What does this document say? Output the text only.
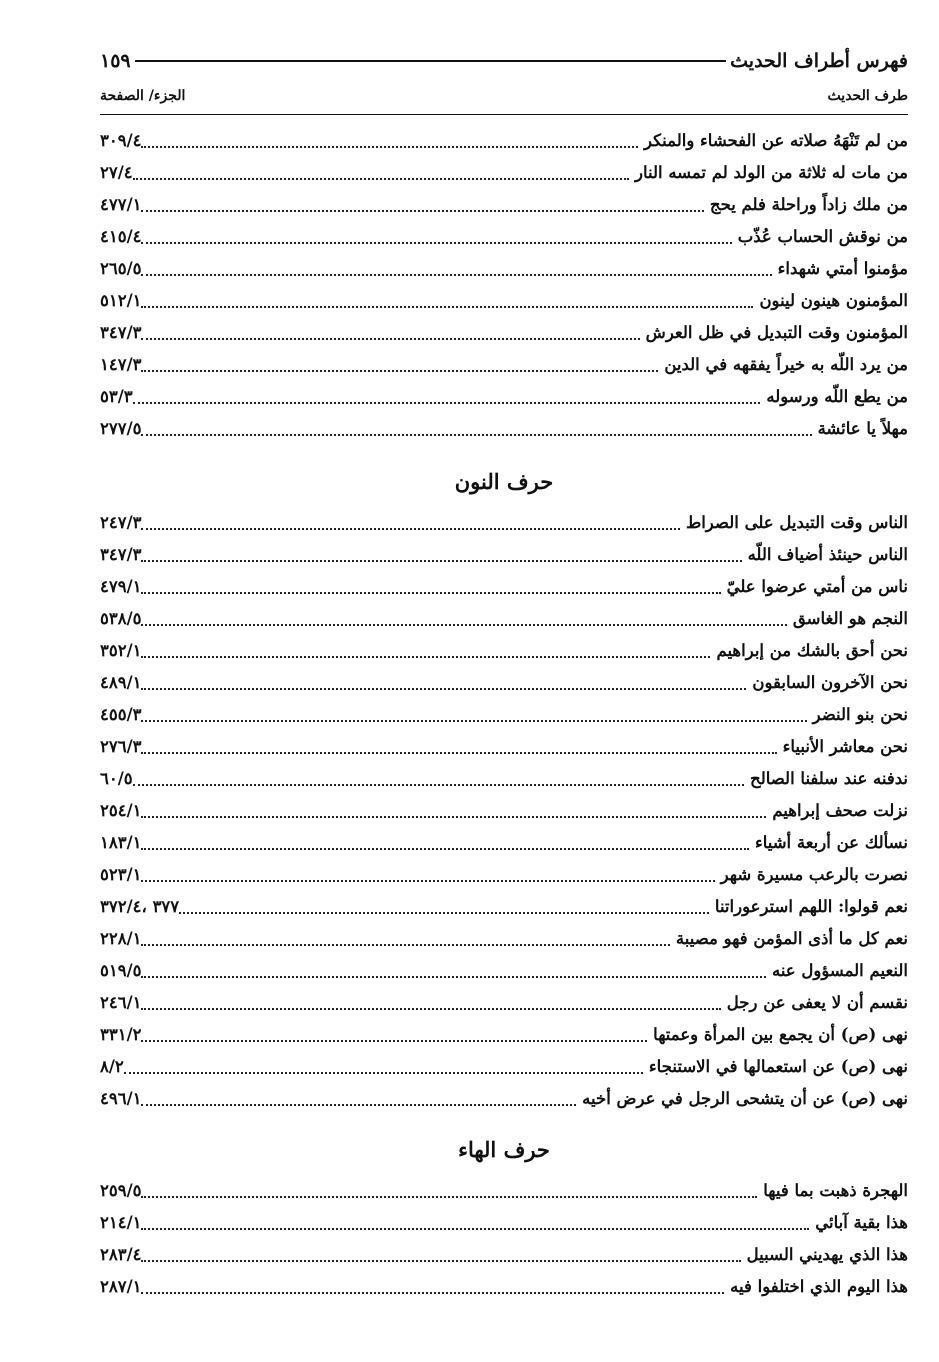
فهرس أطراف الحديث
١٥٩
طرف الحديث
الجزء/ الصفحة
من لم تَنْهَهُ صلاته عن الفحشاء والمنكر
٣٠٩/٤
من مات له ثلاثة من الولد لم تمسه النار
٢٧/٤
من ملك زاداً وراحلة فلم يحج
٤٧٧/١
من نوقش الحساب عُذّب
٤١٥/٤
مؤمنوا أمتي شهداء
٢٦٥/٥
المؤمنون هينون لينون
٥١٢/١
المؤمنون وقت التبديل في ظل العرش
٣٤٧/٣
من يرد اللّه به خيراً يفقهه في الدين
١٤٧/٣
من يطع اللّه ورسوله
٥٣/٣
مهلاً يا عائشة
٢٧٧/٥
حرف النون
الناس وقت التبديل على الصراط
٢٤٧/٣
الناس حينئذ أضياف اللّه
٣٤٧/٣
ناس من أمتي عرضوا عليّ
٤٧٩/١
النجم هو الغاسق
٥٣٨/٥
نحن أحق بالشك من إبراهيم
٣٥٢/١
نحن الآخرون السابقون
٤٨٩/١
نحن بنو النضر
٤٥٥/٣
نحن معاشر الأنبياء
٢٧٦/٣
ندفنه عند سلفنا الصالح
٦٠/٥
نزلت صحف إبراهيم
٢٥٤/١
نسألك عن أربعة أشياء
١٨٣/١
نصرت بالرعب مسيرة شهر
٥٢٣/١
نعم قولوا: اللهم استرعوراتنا
٣٧٧ ،٣٧٢/٤
نعم كل ما أذى المؤمن فهو مصيبة
٢٢٨/١
النعيم المسؤول عنه
٥١٩/٥
نقسم أن لا يعفى عن رجل
٢٤٦/١
نهى (ص) أن يجمع بين المرأة وعمتها
٣٣١/٢
نهى (ص) عن استعمالها في الاستنجاء
٨/٢
نهى (ص) عن أن يتشحى الرجل في عرض أخيه
٤٩٦/١
حرف الهاء
الهجرة ذهبت بما فيها
٢٥٩/٥
هذا بقية آبائي
٢١٤/١
هذا الذي يهديني السبيل
٢٨٣/٤
هذا اليوم الذي اختلفوا فيه
٢٨٧/١
